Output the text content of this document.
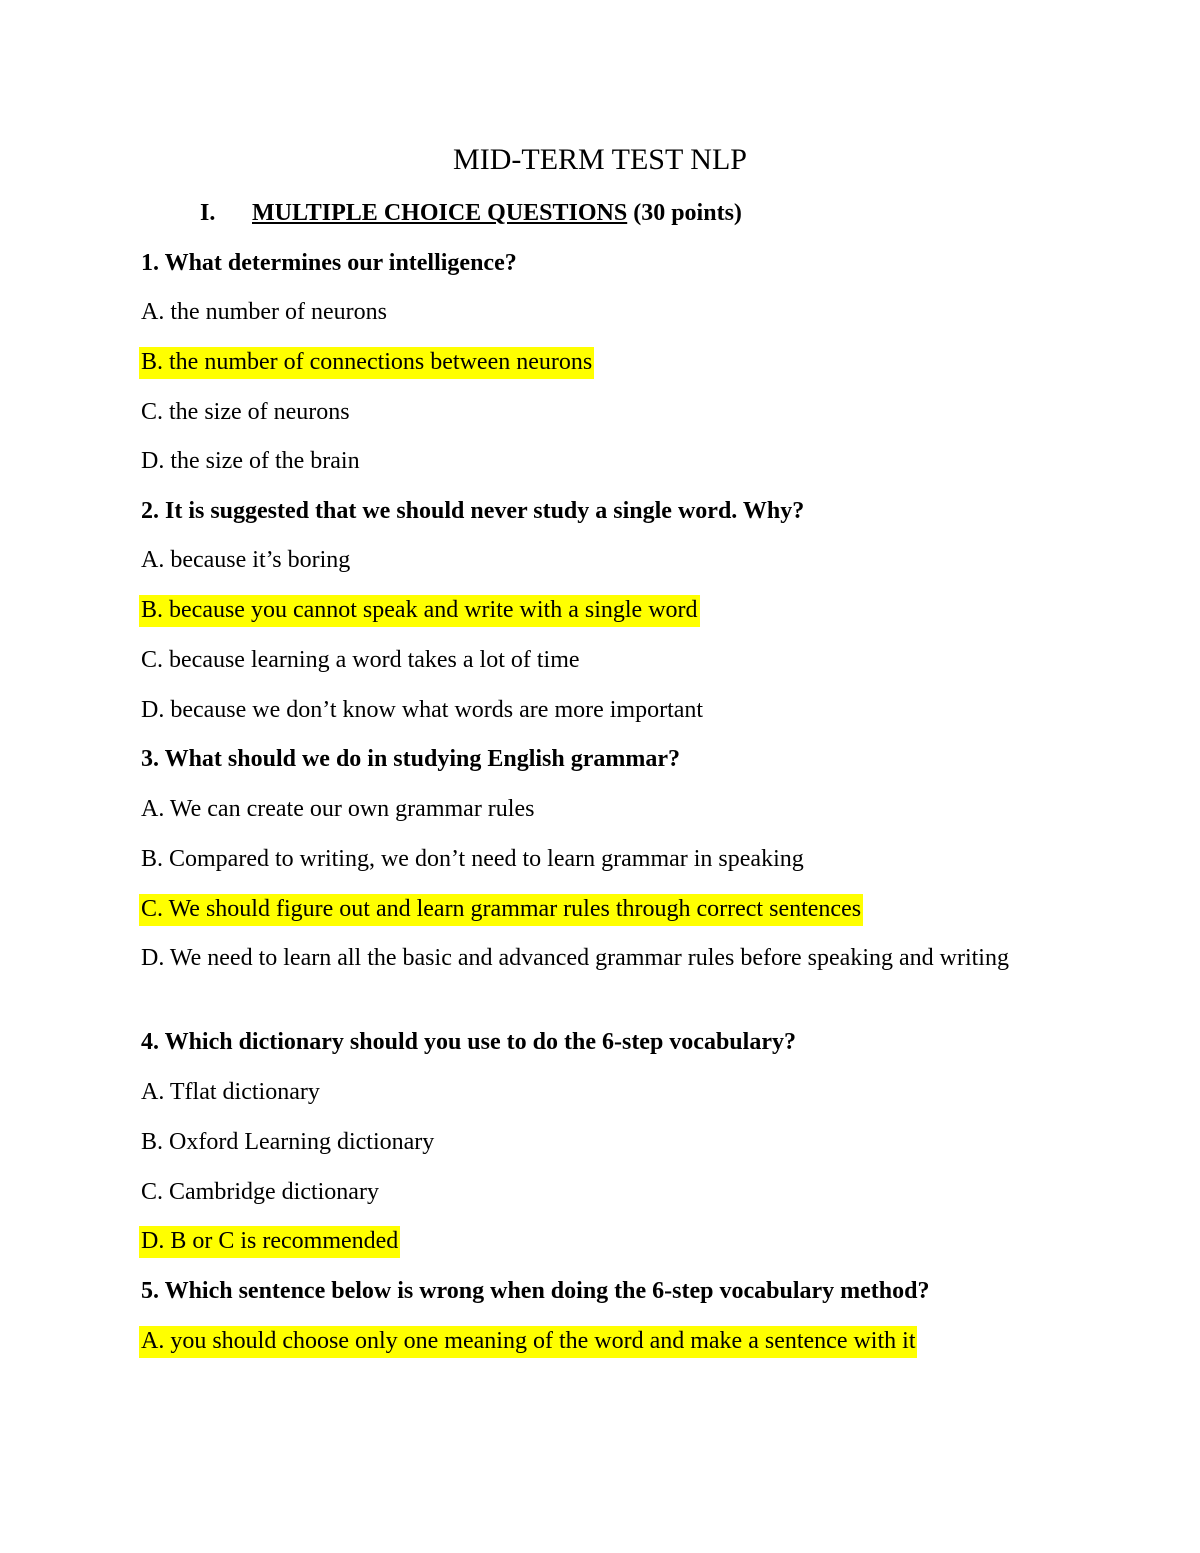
MID-TERM TEST NLP
I. MULTIPLE CHOICE QUESTIONS (30 points)
1. What determines our intelligence?
A. the number of neurons
B. the number of connections between neurons
C. the size of neurons
D. the size of the brain
2. It is suggested that we should never study a single word. Why?
A. because it’s boring
B. because you cannot speak and write with a single word
C. because learning a word takes a lot of time
D. because we don’t know what words are more important
3. What should we do in studying English grammar?
A. We can create our own grammar rules
B. Compared to writing, we don’t need to learn grammar in speaking
C. We should figure out and learn grammar rules through correct sentences
D. We need to learn all the basic and advanced grammar rules before speaking and writing
4. Which dictionary should you use to do the 6-step vocabulary?
A. Tflat dictionary
B. Oxford Learning dictionary
C. Cambridge dictionary
D. B or C is recommended
5. Which sentence below is wrong when doing the 6-step vocabulary method?
A. you should choose only one meaning of the word and make a sentence with it
